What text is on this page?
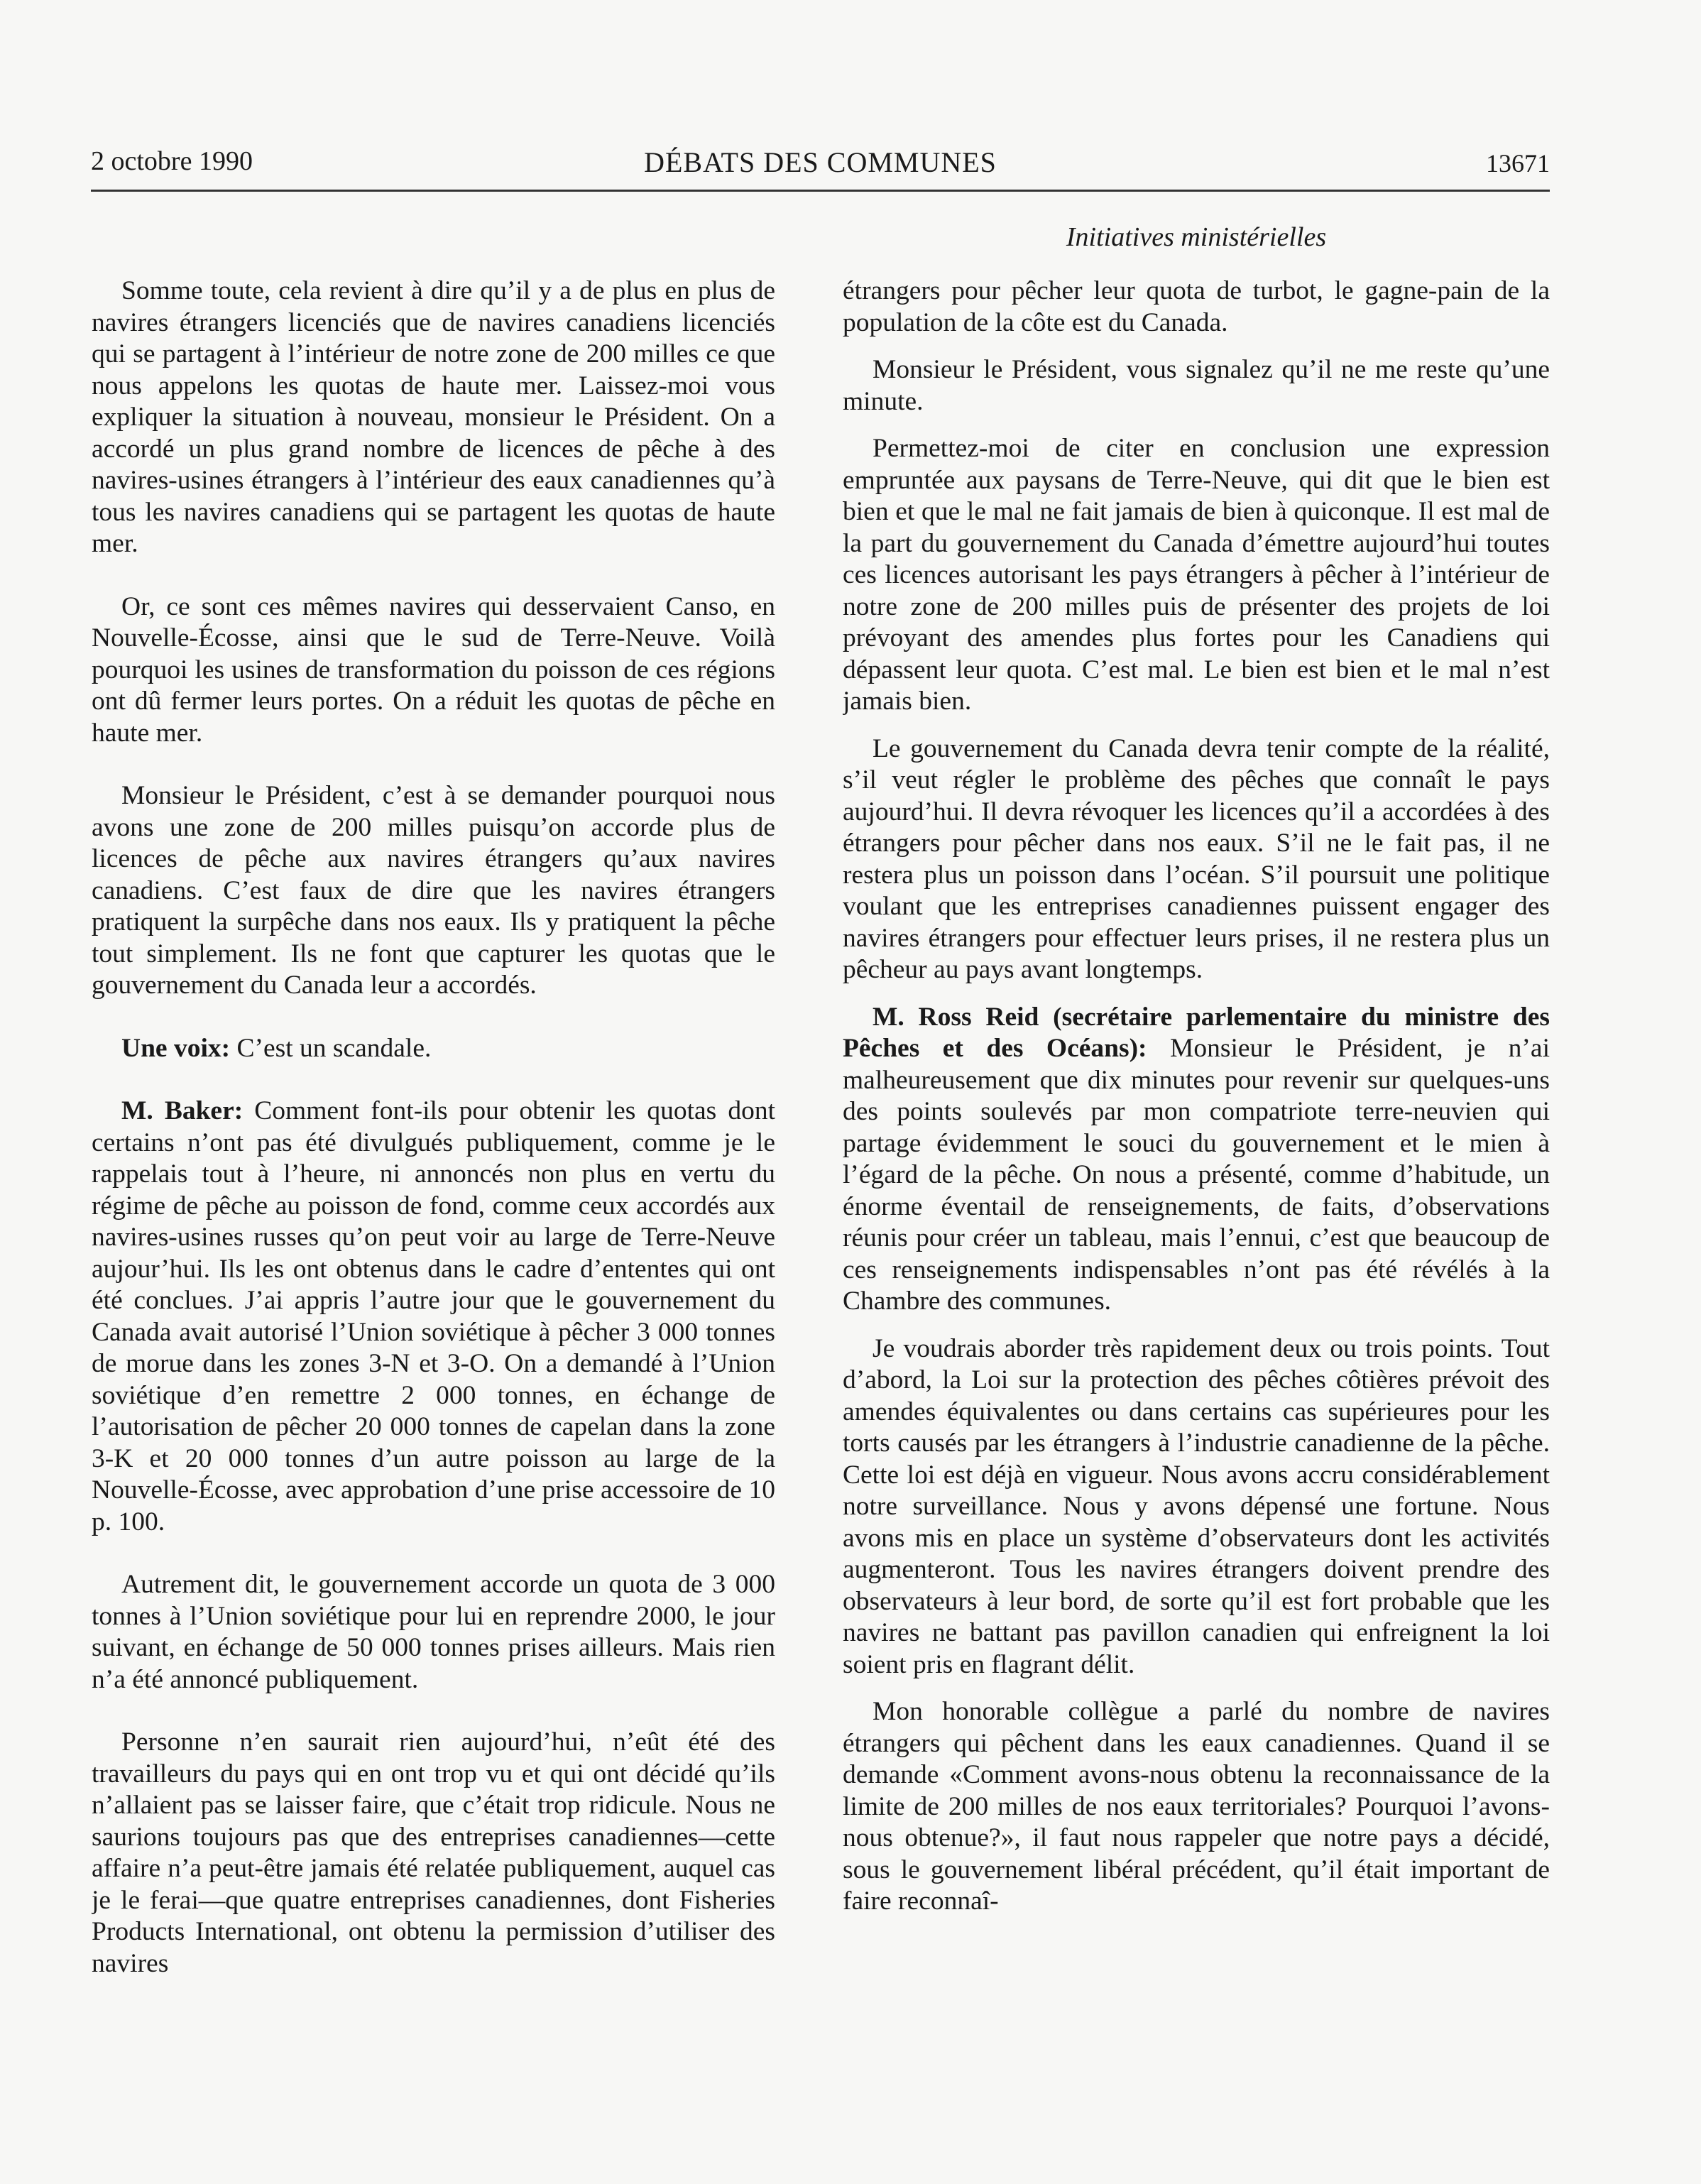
2 octobre 1990	DÉBATS DES COMMUNES	13671
Initiatives ministérielles

Somme toute, cela revient à dire qu’il y a de plus en plus de navires étrangers licenciés que de navires canadiens licenciés qui se partagent à l’intérieur de notre zone de 200 milles ce que nous appelons les quotas de haute mer. Laissez-moi vous expliquer la situation à nouveau, monsieur le Président. On a accordé un plus grand nombre de licences de pêche à des navires-usines étrangers à l’intérieur des eaux canadiennes qu’à tous les navires canadiens qui se partagent les quotas de haute mer.

Or, ce sont ces mêmes navires qui desservaient Canso, en Nouvelle-Écosse, ainsi que le sud de Terre-Neuve. Voilà pourquoi les usines de transformation du poisson de ces régions ont dû fermer leurs portes. On a réduit les quotas de pêche en haute mer.

Monsieur le Président, c’est à se demander pourquoi nous avons une zone de 200 milles puisqu’on accorde plus de licences de pêche aux navires étrangers qu’aux navires canadiens. C’est faux de dire que les navires étrangers pratiquent la surpêche dans nos eaux. Ils y pratiquent la pêche tout simplement. Ils ne font que capturer les quotas que le gouvernement du Canada leur a accordés.

Une voix: C’est un scandale.

M. Baker: Comment font-ils pour obtenir les quotas dont certains n’ont pas été divulgués publiquement, comme je le rappelais tout à l’heure, ni annoncés non plus en vertu du régime de pêche au poisson de fond, comme ceux accordés aux navires-usines russes qu’on peut voir au large de Terre-Neuve aujour’hui. Ils les ont obtenus dans le cadre d’ententes qui ont été conclues. J’ai appris l’autre jour que le gouvernement du Canada avait autorisé l’Union soviétique à pêcher 3 000 tonnes de morue dans les zones 3-N et 3-O. On a demandé à l’Union soviétique d’en remettre 2 000 tonnes, en échange de l’autorisation de pêcher 20 000 tonnes de capelan dans la zone 3-K et 20 000 tonnes d’un autre poisson au large de la Nouvelle-Écosse, avec approbation d’une prise accessoire de 10 p. 100.

Autrement dit, le gouvernement accorde un quota de 3 000 tonnes à l’Union soviétique pour lui en reprendre 2000, le jour suivant, en échange de 50 000 tonnes prises ailleurs. Mais rien n’a été annoncé publiquement.

Personne n’en saurait rien aujourd’hui, n’eût été des travailleurs du pays qui en ont trop vu et qui ont décidé qu’ils n’allaient pas se laisser faire, que c’était trop ridicule. Nous ne saurions toujours pas que des entreprises canadiennes—cette affaire n’a peut-être jamais été relatée publiquement, auquel cas je le ferai—que quatre entreprises canadiennes, dont Fisheries Products International, ont obtenu la permission d’utiliser des navires

étrangers pour pêcher leur quota de turbot, le gagne-pain de la population de la côte est du Canada.

Monsieur le Président, vous signalez qu’il ne me reste qu’une minute.

Permettez-moi de citer en conclusion une expression empruntée aux paysans de Terre-Neuve, qui dit que le bien est bien et que le mal ne fait jamais de bien à quiconque. Il est mal de la part du gouvernement du Canada d’émettre aujourd’hui toutes ces licences autorisant les pays étrangers à pêcher à l’intérieur de notre zone de 200 milles puis de présenter des projets de loi prévoyant des amendes plus fortes pour les Canadiens qui dépassent leur quota. C’est mal. Le bien est bien et le mal n’est jamais bien.

Le gouvernement du Canada devra tenir compte de la réalité, s’il veut régler le problème des pêches que connaît le pays aujourd’hui. Il devra révoquer les licences qu’il a accordées à des étrangers pour pêcher dans nos eaux. S’il ne le fait pas, il ne restera plus un poisson dans l’océan. S’il poursuit une politique voulant que les entreprises canadiennes puissent engager des navires étrangers pour effectuer leurs prises, il ne restera plus un pêcheur au pays avant longtemps.

M. Ross Reid (secrétaire parlementaire du ministre des Pêches et des Océans): Monsieur le Président, je n’ai malheureusement que dix minutes pour revenir sur quelques-uns des points soulevés par mon compatriote terre-neuvien qui partage évidemment le souci du gouvernement et le mien à l’égard de la pêche. On nous a présenté, comme d’habitude, un énorme éventail de renseignements, de faits, d’observations réunis pour créer un tableau, mais l’ennui, c’est que beaucoup de ces renseignements indispensables n’ont pas été révélés à la Chambre des communes.

Je voudrais aborder très rapidement deux ou trois points. Tout d’abord, la Loi sur la protection des pêches côtières prévoit des amendes équivalentes ou dans certains cas supérieures pour les torts causés par les étrangers à l’industrie canadienne de la pêche. Cette loi est déjà en vigueur. Nous avons accru considérablement notre surveillance. Nous y avons dépensé une fortune. Nous avons mis en place un système d’observateurs dont les activités augmenteront. Tous les navires étrangers doivent prendre des observateurs à leur bord, de sorte qu’il est fort probable que les navires ne battant pas pavillon canadien qui enfreignent la loi soient pris en flagrant délit.

Mon honorable collègue a parlé du nombre de navires étrangers qui pêchent dans les eaux canadiennes. Quand il se demande «Comment avons-nous obtenu la reconnaissance de la limite de 200 milles de nos eaux territoriales? Pourquoi l’avons-nous obtenue?», il faut nous rappeler que notre pays a décidé, sous le gouvernement libéral précédent, qu’il était important de faire reconnaî-
